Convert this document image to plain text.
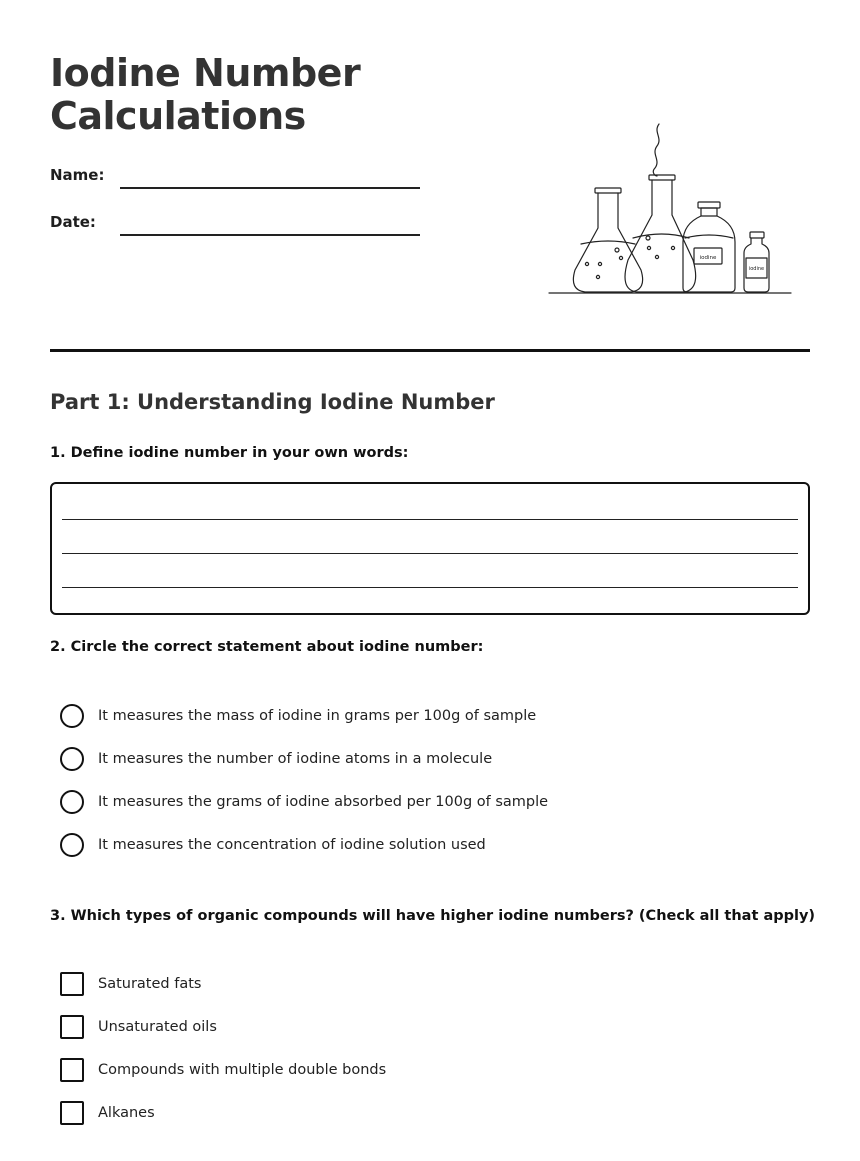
Iodine Number
Calculations
Name:
Date:
iodine
iodine
Part 1: Understanding Iodine Number
1. Define iodine number in your own words:
2. Circle the correct statement about iodine number:
It measures the mass of iodine in grams per 100g of sample
It measures the number of iodine atoms in a molecule
It measures the grams of iodine absorbed per 100g of sample
It measures the concentration of iodine solution used
3. Which types of organic compounds will have higher iodine numbers? (Check all that apply)
Saturated fats
Unsaturated oils
Compounds with multiple double bonds
Alkanes
